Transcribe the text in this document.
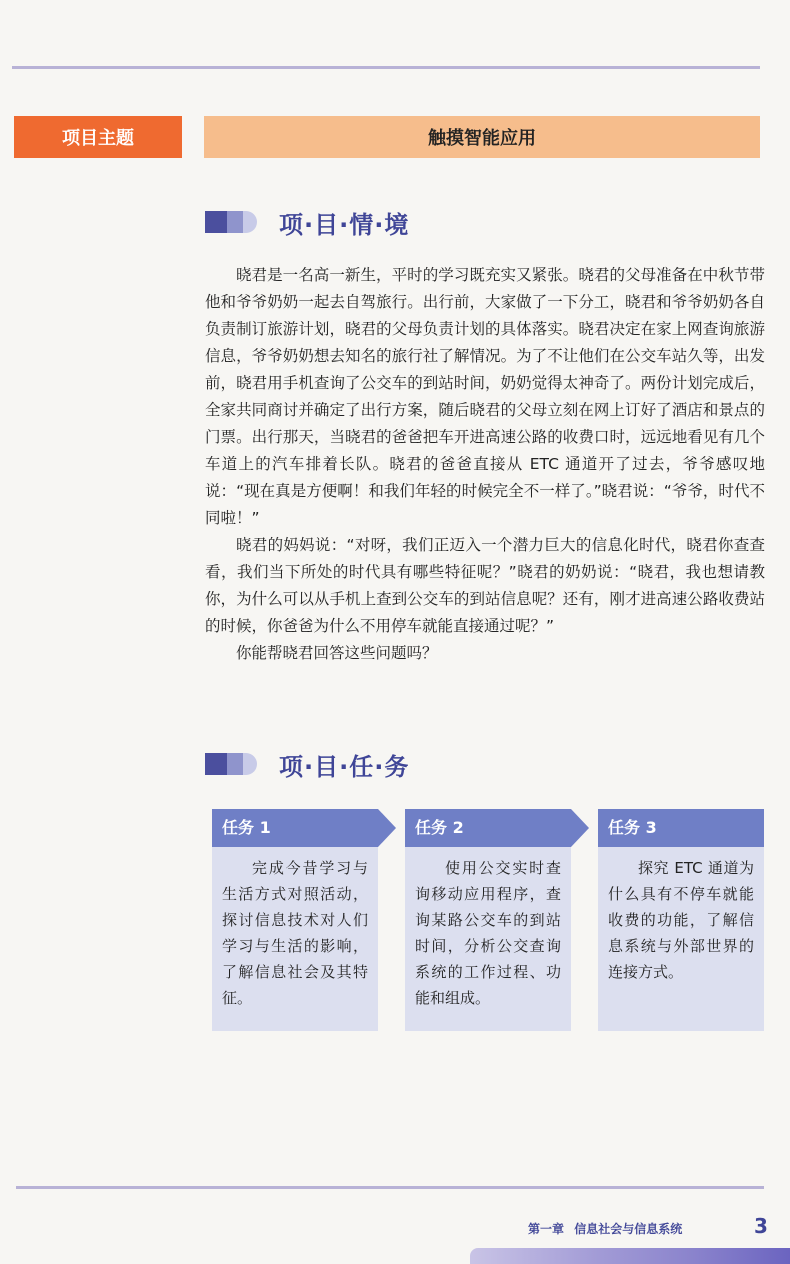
项目主题	触摸智能应用
项·目·情·境

晓君是一名高一新生，平时的学习既充实又紧张。晓君的父母准备在中秋节带他和爷爷奶奶一起去自驾旅行。出行前，大家做了一下分工，晓君和爷爷奶奶各自负责制订旅游计划，晓君的父母负责计划的具体落实。晓君决定在家上网查询旅游信息，爷爷奶奶想去知名的旅行社了解情况。为了不让他们在公交车站久等，出发前，晓君用手机查询了公交车的到站时间，奶奶觉得太神奇了。两份计划完成后，全家共同商讨并确定了出行方案，随后晓君的父母立刻在网上订好了酒店和景点的门票。出行那天，当晓君的爸爸把车开进高速公路的收费口时，远远地看见有几个车道上的汽车排着长队。晓君的爸爸直接从 ETC 通道开了过去，爷爷感叹地说：“现在真是方便啊！和我们年轻的时候完全不一样了。”晓君说：“爷爷，时代不同啦！”

晓君的妈妈说：“对呀，我们正迈入一个潜力巨大的信息化时代，晓君你查查看，我们当下所处的时代具有哪些特征呢？”晓君的奶奶说：“晓君，我也想请教你，为什么可以从手机上查到公交车的到站信息呢？还有，刚才进高速公路收费站的时候，你爸爸为什么不用停车就能直接通过呢？”

你能帮晓君回答这些问题吗？

项·目·任·务
任务 1
完成今昔学习与生活方式对照活动，探讨信息技术对人们学习与生活的影响，了解信息社会及其特征。
任务 2
使用公交实时查询移动应用程序，查询某路公交车的到站时间，分析公交查询系统的工作过程、功能和组成。
任务 3
探究 ETC 通道为什么具有不停车就能收费的功能，了解信息系统与外部世界的连接方式。
第一章 信息社会与信息系统	3
